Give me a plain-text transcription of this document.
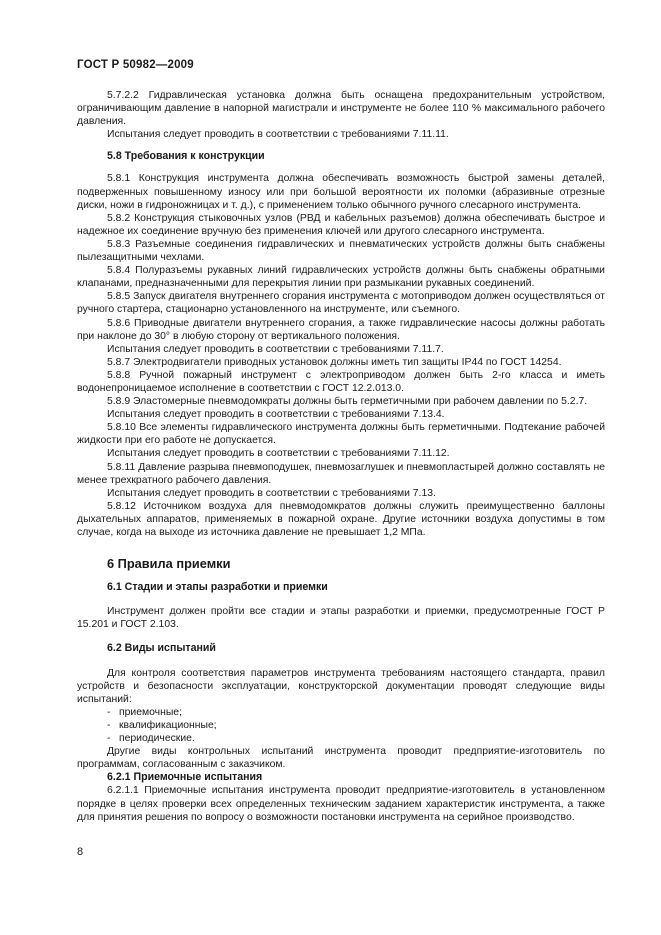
ГОСТ Р 50982—2009

5.7.2.2 Гидравлическая установка должна быть оснащена предохранительным устройством, ограничивающим давление в напорной магистрали и инструменте не более 110 % максимального рабочего давления.

Испытания следует проводить в соответствии с требованиями 7.11.11.

5.8 Требования к конструкции

5.8.1 Конструкция инструмента должна обеспечивать возможность быстрой замены деталей, подверженных повышенному износу или при большой вероятности их поломки (абразивные отрезные диски, ножи в гидроножницах и т. д.), с применением только обычного ручного слесарного инструмента.

5.8.2 Конструкция стыковочных узлов (РВД и кабельных разъемов) должна обеспечивать быстрое и надежное их соединение вручную без применения ключей или другого слесарного инструмента.

5.8.3 Разъемные соединения гидравлических и пневматических устройств должны быть снабжены пылезащитными чехлами.

5.8.4 Полуразъемы рукавных линий гидравлических устройств должны быть снабжены обратными клапанами, предназначенными для перекрытия линии при размыкании рукавных соединений.

5.8.5 Запуск двигателя внутреннего сгорания инструмента с мотоприводом должен осуществляться от ручного стартера, стационарно установленного на инструменте, или съемного.

5.8.6 Приводные двигатели внутреннего сгорания, а также гидравлические насосы должны работать при наклоне до 30° в любую сторону от вертикального положения.

Испытания следует проводить в соответствии с требованиями 7.11.7.

5.8.7 Электродвигатели приводных установок должны иметь тип защиты IP44 по ГОСТ 14254.

5.8.8 Ручной пожарный инструмент с электроприводом должен быть 2-го класса и иметь водонепроницаемое исполнение в соответствии с ГОСТ 12.2.013.0.

5.8.9 Эластомерные пневмодомкраты должны быть герметичными при рабочем давлении по 5.2.7.

Испытания следует проводить в соответствии с требованиями 7.13.4.

5.8.10 Все элементы гидравлического инструмента должны быть герметичными. Подтекание рабочей жидкости при его работе не допускается.

Испытания следует проводить в соответствии с требованиями 7.11.12.

5.8.11 Давление разрыва пневмоподушек, пневмозаглушек и пневмопластырей должно составлять не менее трехкратного рабочего давления.

Испытания следует проводить в соответствии с требованиями 7.13.

5.8.12 Источником воздуха для пневмодомкратов должны служить преимущественно баллоны дыхательных аппаратов, применяемых в пожарной охране. Другие источники воздуха допустимы в том случае, когда на выходе из источника давление не превышает 1,2 МПа.

6 Правила приемки

6.1 Стадии и этапы разработки и приемки

Инструмент должен пройти все стадии и этапы разработки и приемки, предусмотренные ГОСТ Р 15.201 и ГОСТ 2.103.

6.2 Виды испытаний

Для контроля соответствия параметров инструмента требованиям настоящего стандарта, правил устройств и безопасности эксплуатации, конструкторской документации проводят следующие виды испытаний:

- приемочные;

- квалификационные;

- периодические.

Другие виды контрольных испытаний инструмента проводит предприятие-изготовитель по программам, согласованным с заказчиком.

6.2.1 Приемочные испытания

6.2.1.1 Приемочные испытания инструмента проводит предприятие-изготовитель в установленном порядке в целях проверки всех определенных техническим заданием характеристик инструмента, а также для принятия решения по вопросу о возможности постановки инструмента на серийное производство.

8
